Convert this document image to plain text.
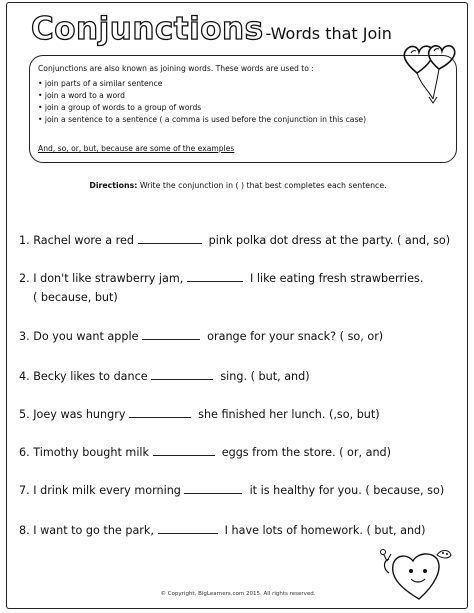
Conjunctions -Words that Join
Conjunctions are also known as joining words. These words are used to :
• join parts of a similar sentence
• join a word to a word
• join a group of words to a group of words
• join a sentence to a sentence ( a comma is used before the conjunction in this case)
And, so, or, but, because are some of the examples
Directions: Write the conjunction in ( ) that best completes each sentence.
1. Rachel wore a red	pink polka dot dress at the party. ( and, so)
2. I don't like strawberry jam,	I like eating fresh strawberries.
( because, but)
3. Do you want apple	orange for your snack? ( so, or)
4. Becky likes to dance	sing. ( but, and)
5. Joey was hungry	she finished her lunch. (,so, but)
6. Timothy bought milk	eggs from the store. ( or, and)
7. I drink milk every morning	it is healthy for you. ( because, so)
8. I want to go the park,	I have lots of homework. ( but, and)
© Copyright, BigLearners.com 2015. All rights reserved.
